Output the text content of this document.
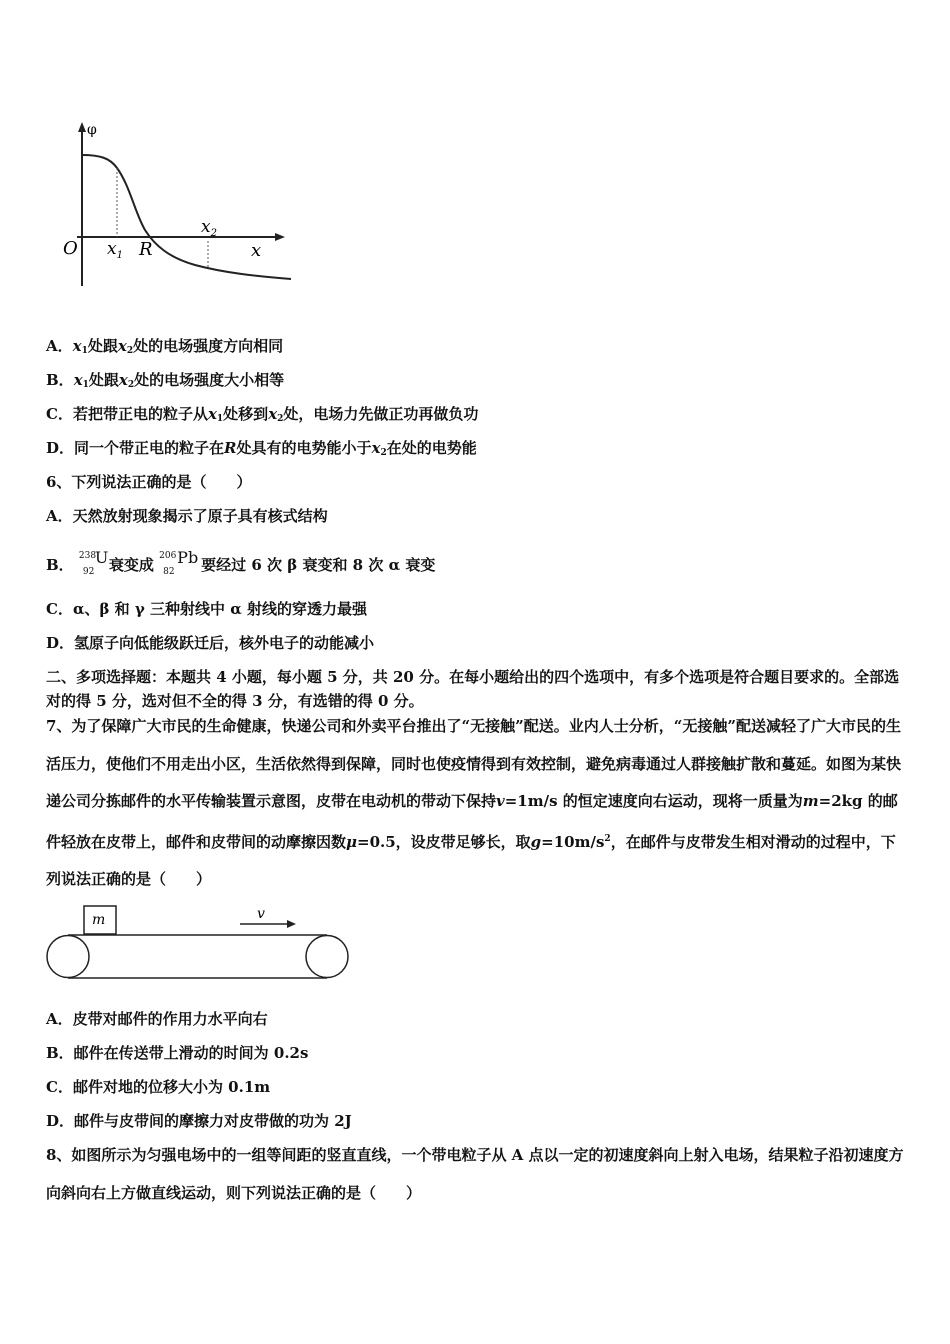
φ
O $x_1$ R
$x_2$
x
A．$x_1$处跟$x_2$处的电场强度方向相同
B．$x_1$处跟$x_2$处的电场强度大小相等
C．若把带正电的粒子从$x_1$处移到$x_2$处，电场力先做正功再做负功
D．同一个带正电的粒子在R处具有的电势能小于$x_2$在处的电势能
6、下列说法正确的是（　　）
A．天然放射现象揭示了原子具有核式结构
B． 238
92
U 衰变成 206
82
Pb 要经过 6 次 β 衰变和 8 次 α 衰变
C．α、β 和 γ 三种射线中 α 射线的穿透力最强
D．氢原子向低能级跃迁后，核外电子的动能减小
二、多项选择题：本题共 4 小题，每小题 5 分，共 20 分。在每小题给出的四个选项中，有多个选项是符合题目要求的。全部选对的得 5 分，选对但不全的得 3 分，有选错的得 0 分。
7、为了保障广大市民的生命健康，快递公司和外卖平台推出了“无接触”配送。业内人士分析，“无接触”配送减轻了广大市民的生活压力，使他们不用走出小区，生活依然得到保障，同时也使疫情得到有效控制，避免病毒通过人群接触扩散和蔓延。如图为某快递公司分拣邮件的水平传输装置示意图，皮带在电动机的带动下保持v=1m/s 的恒定速度向右运动，现将一质量为m=2kg 的邮件轻放在皮带上，邮件和皮带间的动摩擦因数μ=0.5，设皮带足够长，取$g=10m/s^2$，在邮件与皮带发生相对滑动的过程中，下列说法正确的是（　　）
m	v
A．皮带对邮件的作用力水平向右
B．邮件在传送带上滑动的时间为 0.2s
C．邮件对地的位移大小为 0.1m
D．邮件与皮带间的摩擦力对皮带做的功为 2J
8、如图所示为匀强电场中的一组等间距的竖直直线，一个带电粒子从 A 点以一定的初速度斜向上射入电场，结果粒子沿初速度方向斜向右上方做直线运动，则下列说法正确的是（　　）
